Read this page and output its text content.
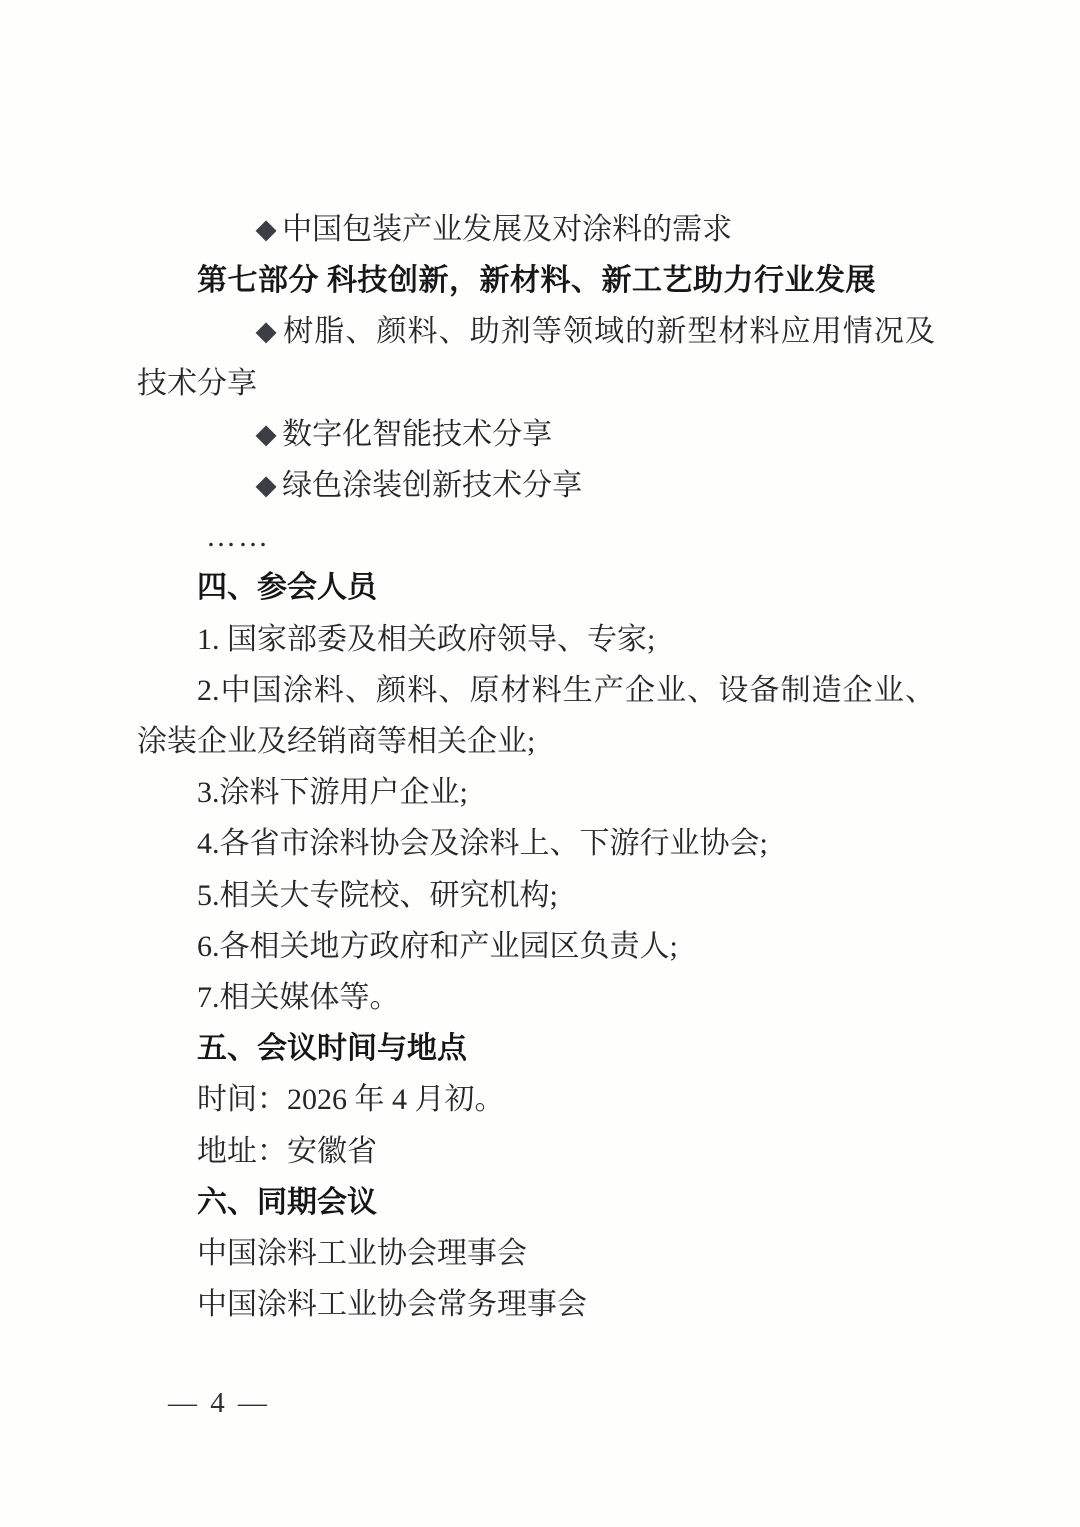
◆ 中国包装产业发展及对涂料的需求

第七部分 科技创新，新材料、新工艺助力行业发展

◆ 树脂、颜料、助剂等领域的新型材料应用情况及技术分享

◆ 数字化智能技术分享

◆ 绿色涂装创新技术分享

……

四、参会人员

1. 国家部委及相关政府领导、专家;

2.中国涂料、颜料、原材料生产企业、设备制造企业、涂装企业及经销商等相关企业;

3.涂料下游用户企业;

4.各省市涂料协会及涂料上、下游行业协会;

5.相关大专院校、研究机构;

6.各相关地方政府和产业园区负责人;

7.相关媒体等。

五、会议时间与地点

时间：2026 年 4 月初。

地址：安徽省

六、同期会议

中国涂料工业协会理事会

中国涂料工业协会常务理事会

— 4 —
